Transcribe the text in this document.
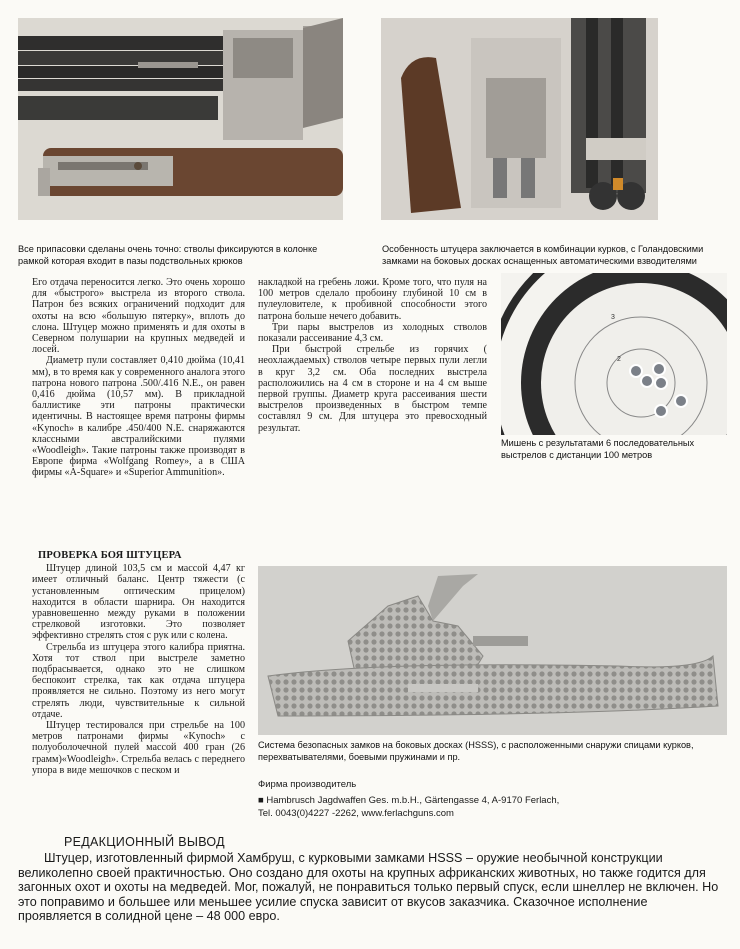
Все припасовки сделаны очень точно: стволы фиксируются в колонке рамкой которая входит в пазы подствольных крюков
Особенность штуцера заключается в комбинации курков, с Голандовскими замками на боковых досках оснащенных автоматическими взводителями

Его отдача переносится легко. Это очень хорошо для «быстрого» выстрела из второго ствола. Патрон без всяких ограничений подходит для охоты на всю «большую пятерку», вплоть до слона. Штуцер можно применять и для охоты в Северном полушарии на крупных медведей и лосей.

Диаметр пули составляет 0,410 дюйма (10,41 мм), в то время как у современного аналога этого патрона нового патрона .500/.416 N.E., он равен 0,416 дюйма (10,57 мм). В прикладной баллистике эти патроны практически идентичны. В настоящее время патроны фирмы «Kynoch» в калибре .450/400 N.E. снаряжаются классными австралийскими пулями «Woodleigh». Такие патроны также производят в Европе фирма «Wolfgang Romey», а в США фирмы «A-Square» и «Superior Ammunition».

накладкой на гребень ложи. Кроме того, что пуля на 100 метров сделало пробоину глубиной 10 см в пулеуловителе, к пробивной способности этого патрона больше нечего добавить.

Три пары выстрелов из холодных стволов показали рассеивание 4,3 см.

При быстрой стрельбе из горячих ( неохлаждаемых) стволов четыре первых пули легли в круг 3,2 см. Оба последних выстрела расположились на 4 см в стороне и на 4 см выше первой группы. Диаметр круга рассеивания шести выстрелов произведенных в быстром темпе составлял 9 см. Для штуцера это превосходный результат.

3
2
Мишень с результатами 6 последовательных выстрелов с дистанции 100 метров
ПРОВЕРКА БОЯ ШТУЦЕРА

Штуцер длиной 103,5 см и массой 4,47 кг имеет отличный баланс. Центр тяжести (с установленным оптическим прицелом) находится в области шарнира. Он находится уравновешенно между руками в положении стрелковой изготовки. Это позволяет эффективно стрелять стоя с рук или с колена.

Стрельба из штуцера этого калибра приятна. Хотя тот ствол при выстреле заметно подбрасывается, однако это не слишком беспокоит стрелка, так как отдача штуцера проявляется не сильно. Поэтому из него могут стрелять люди, чувствительные к сильной отдаче.

Штуцер тестировался при стрельбе на 100 метров патронами фирмы «Kynoch» с полуоболочечной пулей массой 400 гран (26 грамм)«Woodleigh». Стрельба велась с переднего упора в виде мешочков с песком и

Система безопасных замков на боковых досках (HSSS), с расположенными снаружи спицами курков, перехватывателями, боевыми пружинами и пр.
Фирма производитель
■ Hambrusch Jagdwaffen Ges. m.b.H., Gärtengasse 4, A-9170 Ferlach,
Tel. 0043(0)4227 -2262, www.ferlachguns.com
РЕДАКЦИОННЫЙ ВЫВОД

Штуцер, изготовленный фирмой Хамбруш, с курковыми замками HSSS – оружие необычной конструкции великолепно своей практичностью. Оно создано для охоты на крупных африканских животных, но также годится для загонных охот и охоты на медведей. Мог, пожалуй, не понравиться только первый спуск, если шнеллер не включен. Но это поправимо и большее или меньшее усилие спуска зависит от вкусов заказчика. Сказочное исполнение проявляется в солидной цене – 48 000 евро.
